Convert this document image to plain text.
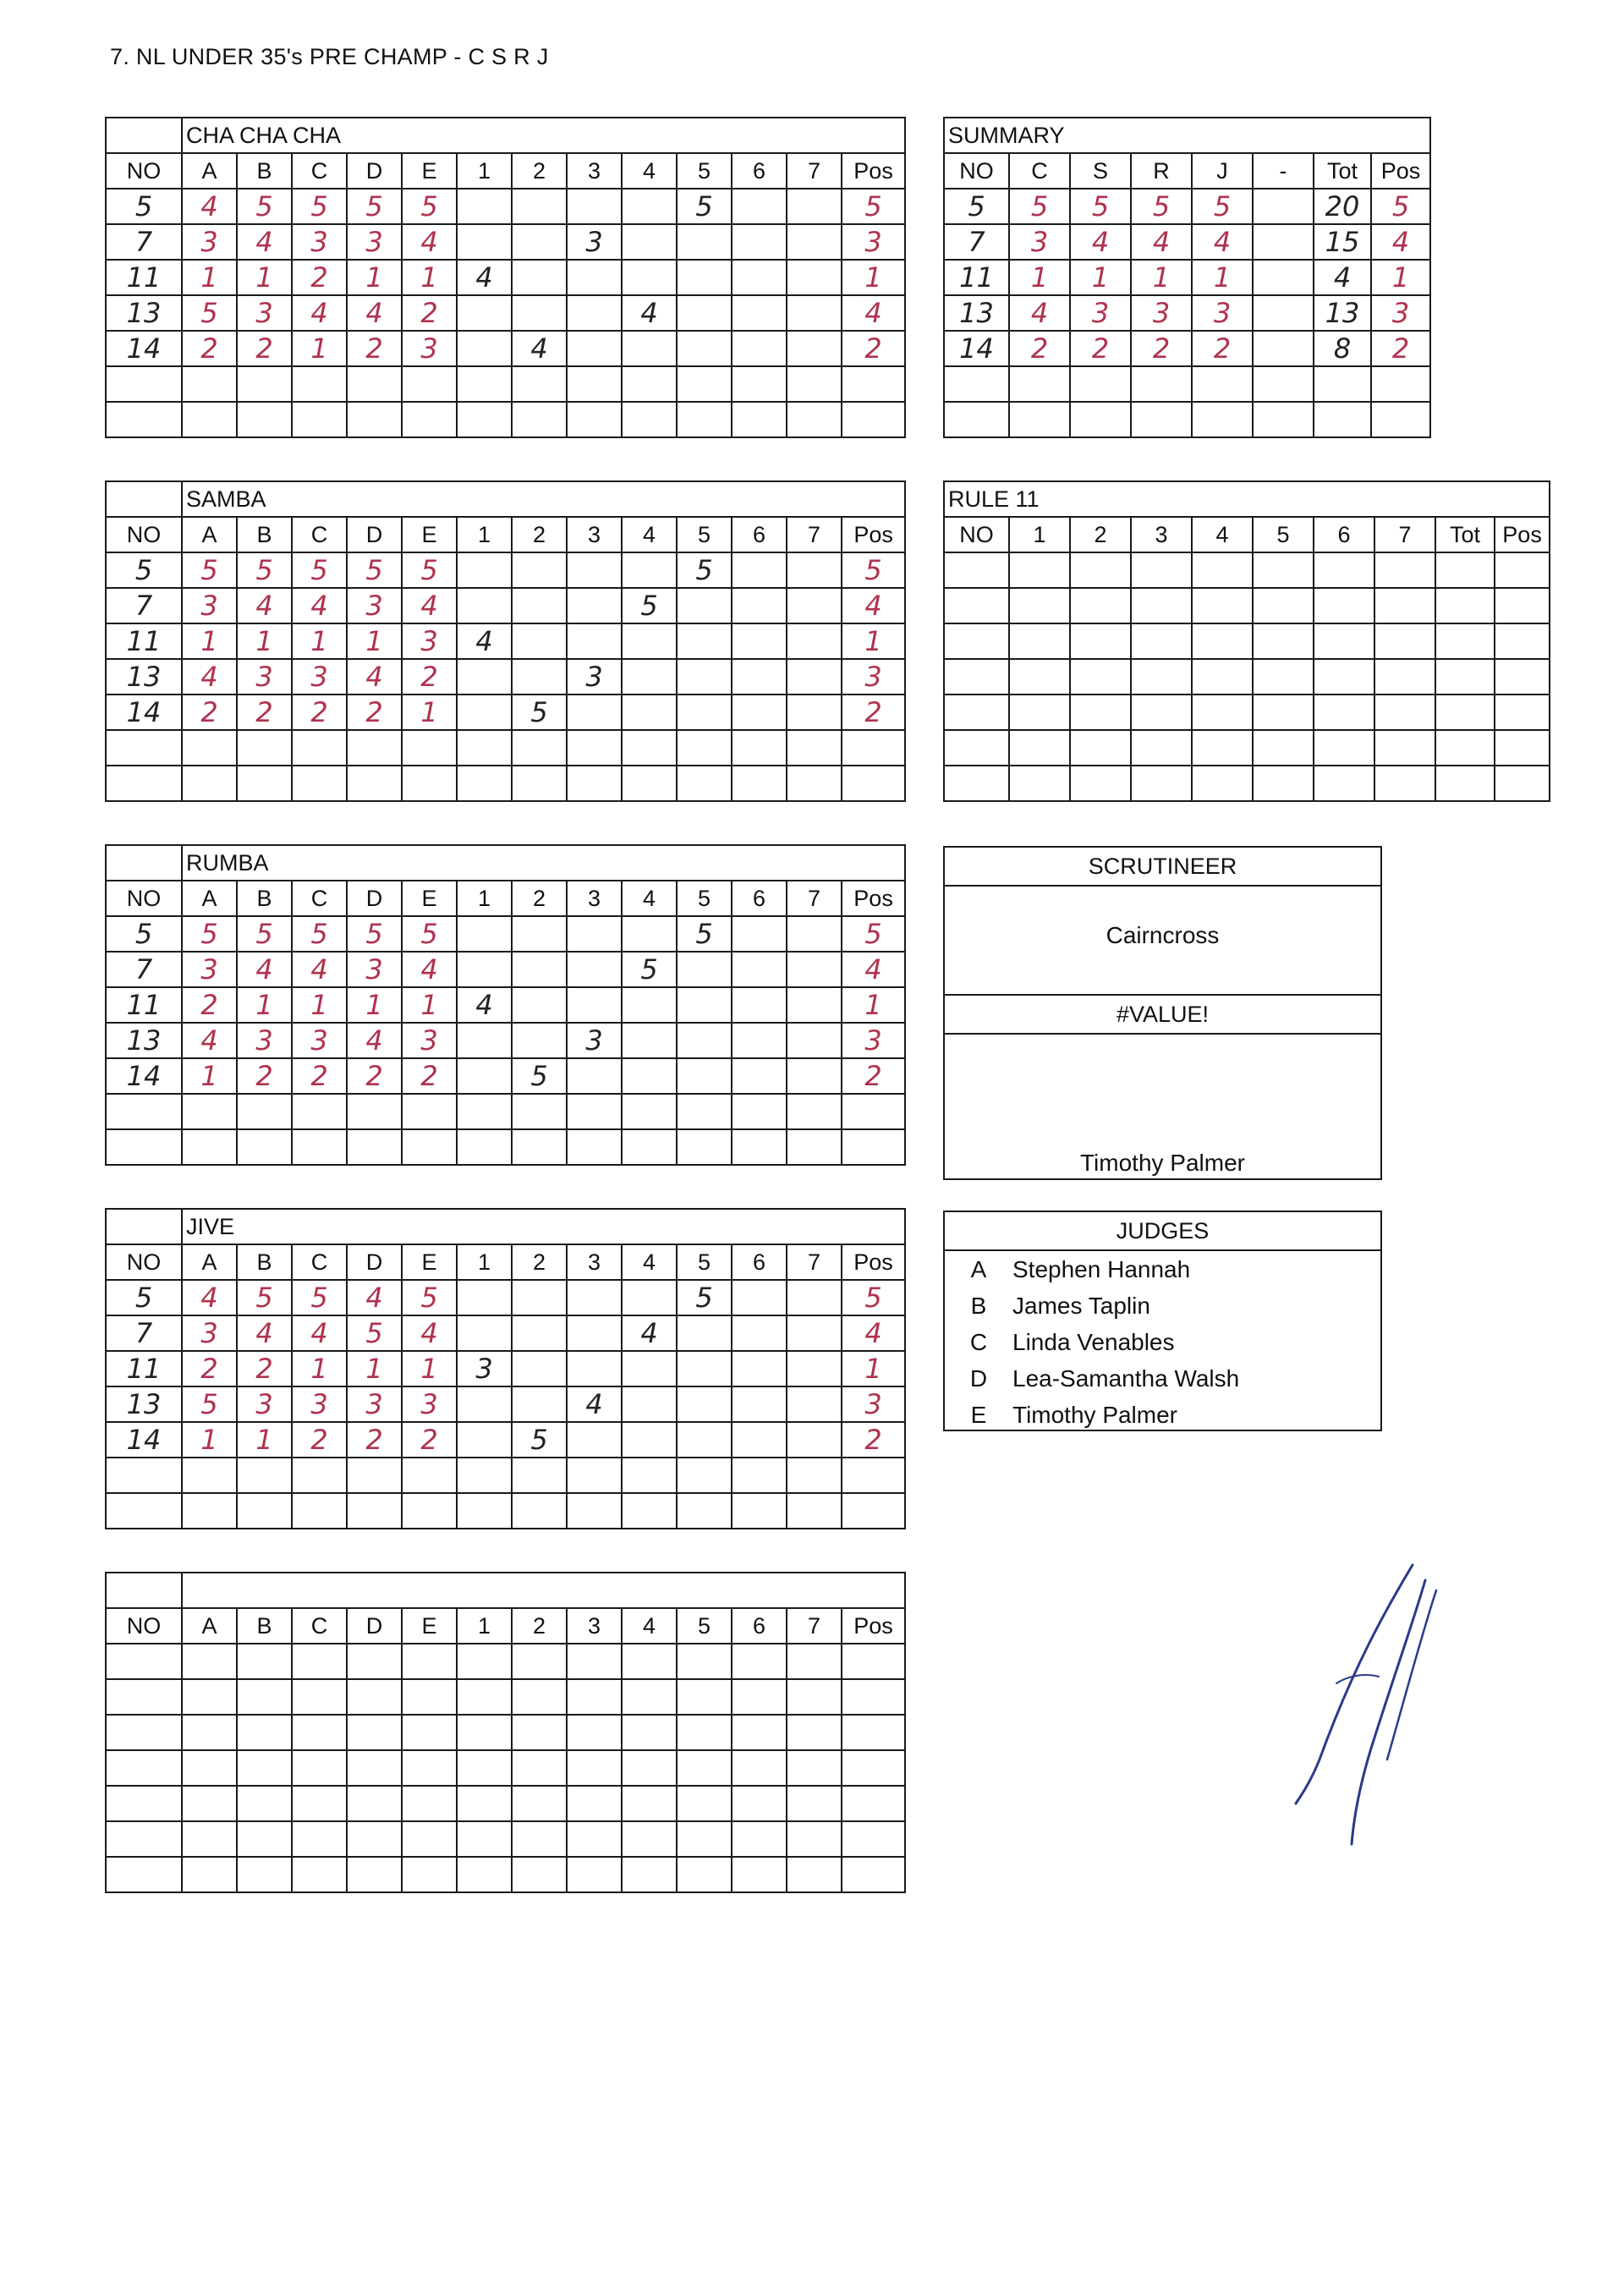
7. NL UNDER 35's PRE CHAMP - C S R J
	CHA CHA CHA												
NO	A	B	C	D	E	1	2	3	4	5	6	7	Pos
5	4	5	5	5	5					5			5
7	3	4	3	3	4			3					3
11	1	1	2	1	1	4							1
13	5	3	4	4	2				4				4
14	2	2	1	2	3		4						2

	SAMBA												
NO	A	B	C	D	E	1	2	3	4	5	6	7	Pos
5	5	5	5	5	5					5			5
7	3	4	4	3	4				5				4
11	1	1	1	1	3	4							1
13	4	3	3	4	2			3					3
14	2	2	2	2	1		5						2

	RUMBA												
NO	A	B	C	D	E	1	2	3	4	5	6	7	Pos
5	5	5	5	5	5					5			5
7	3	4	4	3	4				5				4
11	2	1	1	1	1	4							1
13	4	3	3	4	3			3					3
14	1	2	2	2	2		5						2

	JIVE												
NO	A	B	C	D	E	1	2	3	4	5	6	7	Pos
5	4	5	5	4	5					5			5
7	3	4	4	5	4				4				4
11	2	2	1	1	1	3							1
13	5	3	3	3	3			4					3
14	1	1	2	2	2		5						2

NO	A	B	C	D	E	1	2	3	4	5	6	7	Pos

SUMMARY							
NO	C	S	R	J	-	Tot	Pos
5	5	5	5	5		20	5
7	3	4	4	4		15	4
11	1	1	1	1		4	1
13	4	3	3	3		13	3
14	2	2	2	2		8	2

RULE 11									
NO	1	2	3	4	5	6	7	Tot	Pos

SCRUTINEER
Cairncross
#VALUE!
Timothy Palmer
JUDGES
A	Stephen Hannah
B	James Taplin
C	Linda Venables
D	Lea-Samantha Walsh
E	Timothy Palmer
